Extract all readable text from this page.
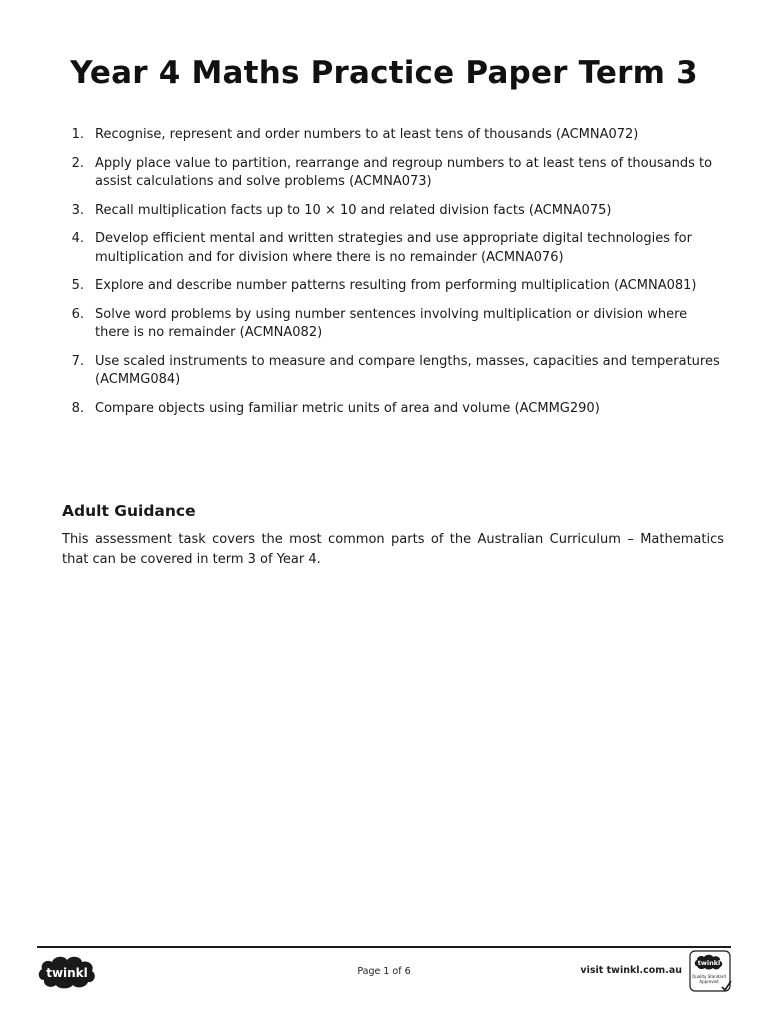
Year 4 Maths Practice Paper Term 3
1. Recognise, represent and order numbers to at least tens of thousands (ACMNA072)
2. Apply place value to partition, rearrange and regroup numbers to at least tens of thousands to assist calculations and solve problems (ACMNA073)
3. Recall multiplication facts up to 10 × 10 and related division facts (ACMNA075)
4. Develop efficient mental and written strategies and use appropriate digital technologies for multiplication and for division where there is no remainder (ACMNA076)
5. Explore and describe number patterns resulting from performing multiplication (ACMNA081)
6. Solve word problems by using number sentences involving multiplication or division where there is no remainder (ACMNA082)
7. Use scaled instruments to measure and compare lengths, masses, capacities and temperatures (ACMMG084)
8. Compare objects using familiar metric units of area and volume (ACMMG290)
Adult Guidance

This assessment task covers the most common parts of the Australian Curriculum – Mathematics that can be covered in term 3 of Year 4.

twinkl	Page 1 of 6	visit twinkl.com.au
twinkl
Quality Standard
Approved
